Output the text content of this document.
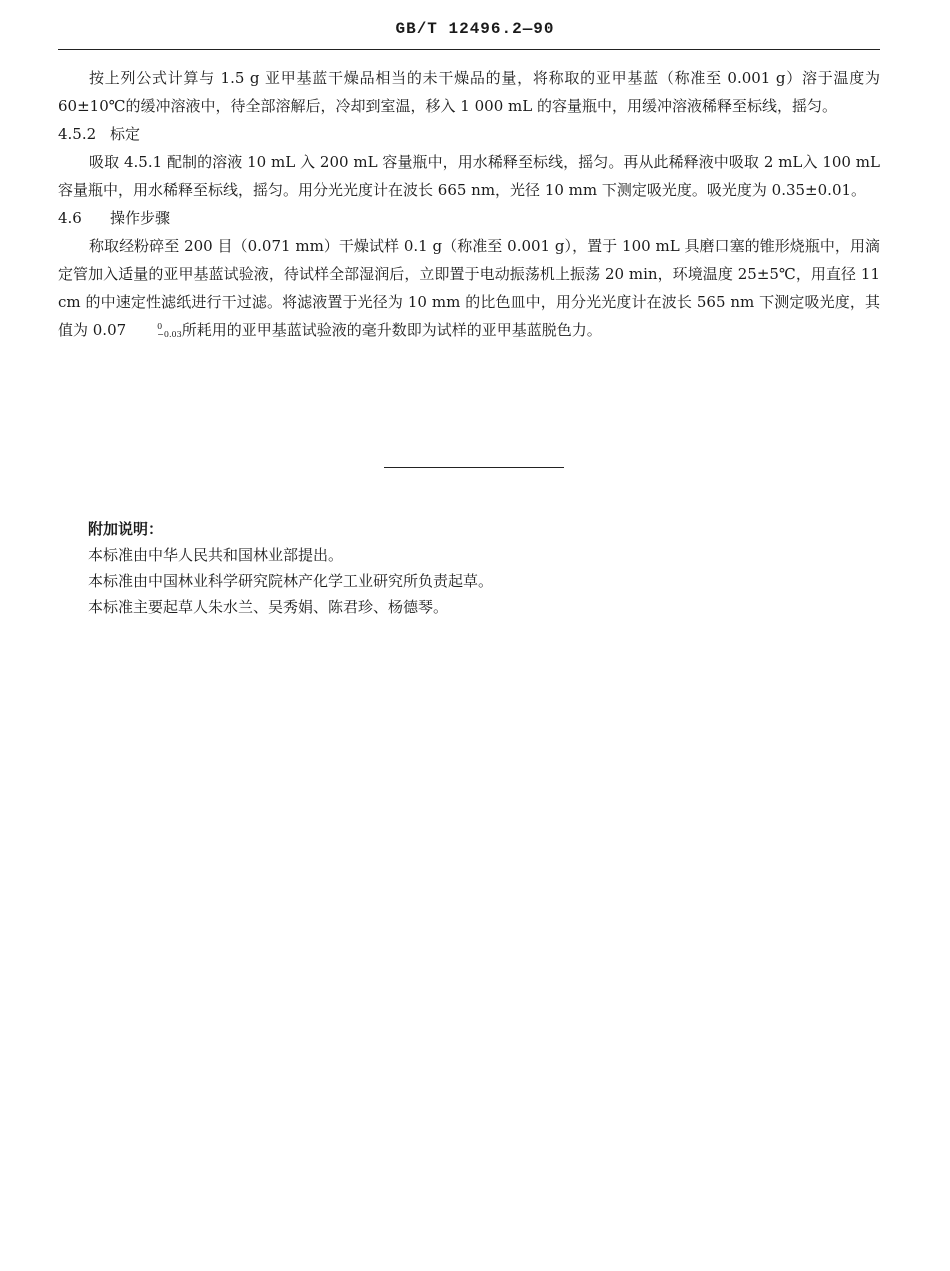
GB/T 12496.2—90

按上列公式计算与 1.5 g 亚甲基蓝干燥品相当的未干燥品的量，将称取的亚甲基蓝（称准至 0.001 g）溶于温度为 60±10℃的缓冲溶液中，待全部溶解后，冷却到室温，移入 1 000 mL 的容量瓶中，用缓冲溶液稀释至标线，摇匀。

4.5.2 标定

吸取 4.5.1 配制的溶液 10 mL 入 200 mL 容量瓶中，用水稀释至标线，摇匀。再从此稀释液中吸取 2 mL入 100 mL 容量瓶中，用水稀释至标线，摇匀。用分光光度计在波长 665 nm，光径 10 mm 下测定吸光度。吸光度为 0.35±0.01。

4.6 操作步骤

称取经粉碎至 200 目（0.071 mm）干燥试样 0.1 g（称准至 0.001 g），置于 100 mL 具磨口塞的锥形烧瓶中，用滴定管加入适量的亚甲基蓝试验液，待试样全部湿润后，立即置于电动振荡机上振荡 20 min，环境温度 25±5℃，用直径 11 cm 的中速定性滤纸进行干过滤。将滤液置于光径为 10 mm 的比色皿中，用分光光度计在波长 565 nm 下测定吸光度，其值为 0.07	0
−0.03 所耗用的亚甲基蓝试验液的毫升数即为试样的亚甲基蓝脱色力。

附加说明：

本标准由中华人民共和国林业部提出。

本标准由中国林业科学研究院林产化学工业研究所负责起草。

本标准主要起草人朱水兰、吴秀娟、陈君珍、杨德琴。
